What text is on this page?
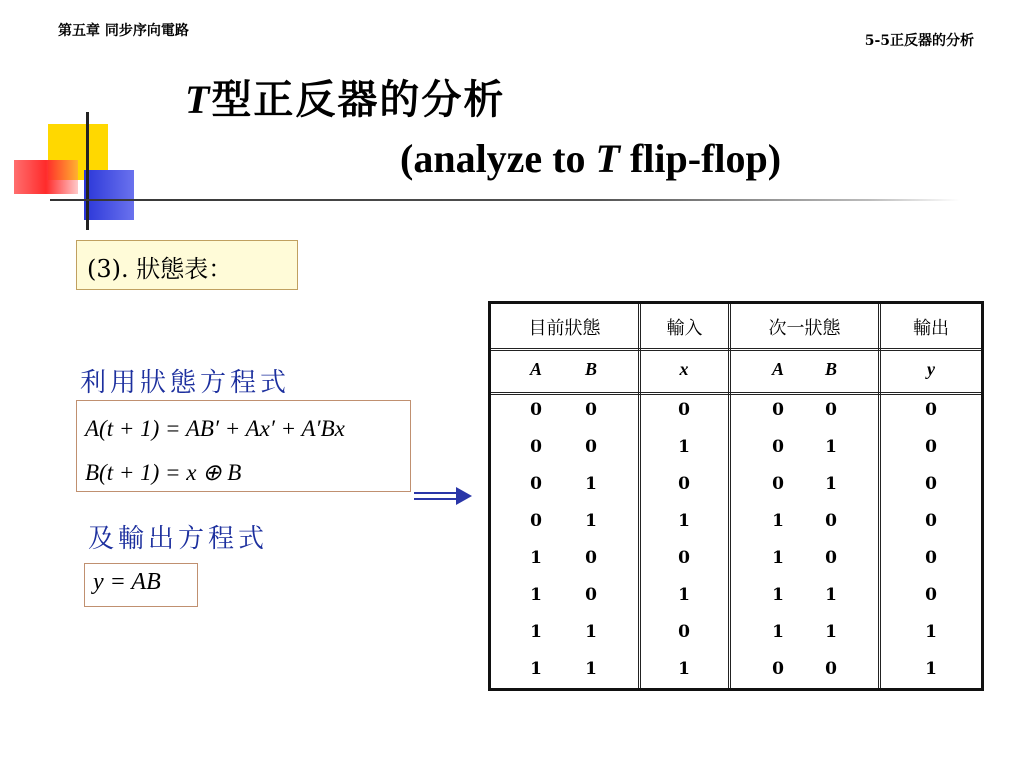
第五章 同步序向電路
5-5正反器的分析
T型正反器的分析
(analyze to T flip-flop)
(3). 狀態表：
利用狀態方程式
A(t + 1) = AB′ + Ax′ + A′Bx
B(t + 1) = x ⊕ B
及輸出方程式
y = AB
目前狀態	輸入	次一狀態	輸出
A	B	x	A	B	y
0	0	0	0	0	0
0	0	1	0	1	0
0	1	0	0	1	0
0	1	1	1	0	0
1	0	0	1	0	0
1	0	1	1	1	0
1	1	0	1	1	1
1	1	1	0	0	1
